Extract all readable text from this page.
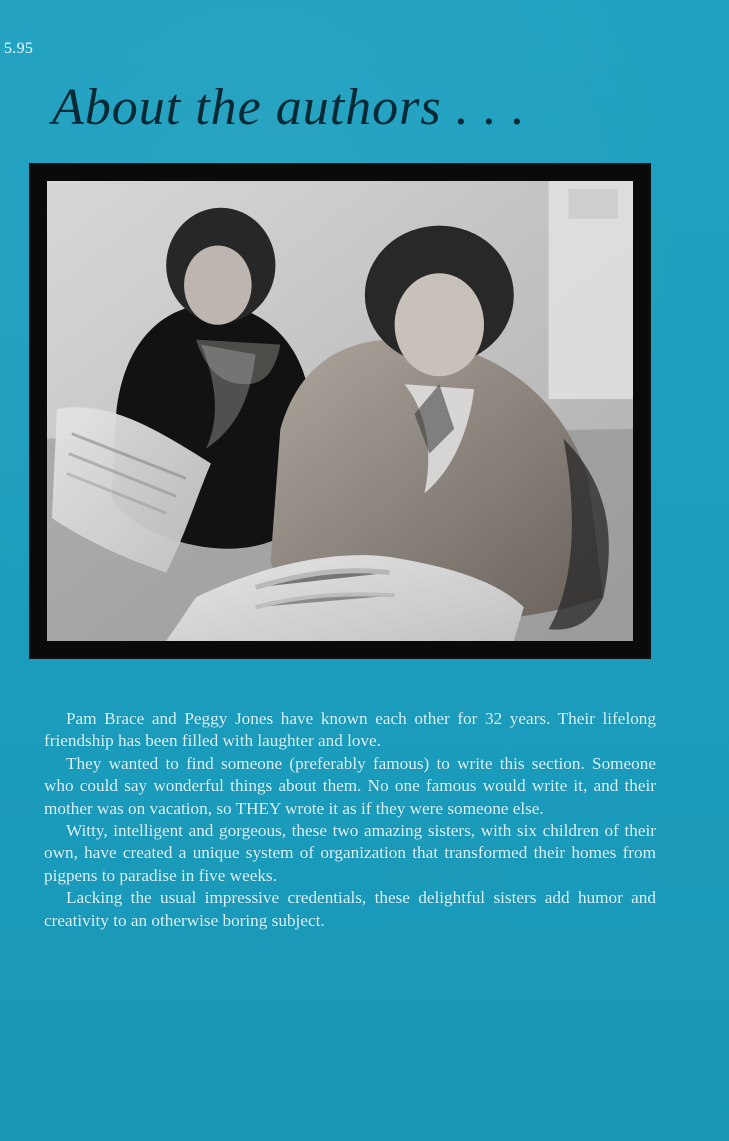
5.95
About the authors . . .

Pam Brace and Peggy Jones have known each other for 32 years. Their lifelong friendship has been filled with laughter and love.

They wanted to find someone (preferably famous) to write this section. Someone who could say wonderful things about them. No one famous would write it, and their mother was on vacation, so THEY wrote it as if they were someone else.

Witty, intelligent and gorgeous, these two amazing sisters, with six children of their own, have created a unique system of organization that transformed their homes from pigpens to paradise in five weeks.

Lacking the usual impressive credentials, these delightful sisters add humor and creativity to an otherwise boring subject.
